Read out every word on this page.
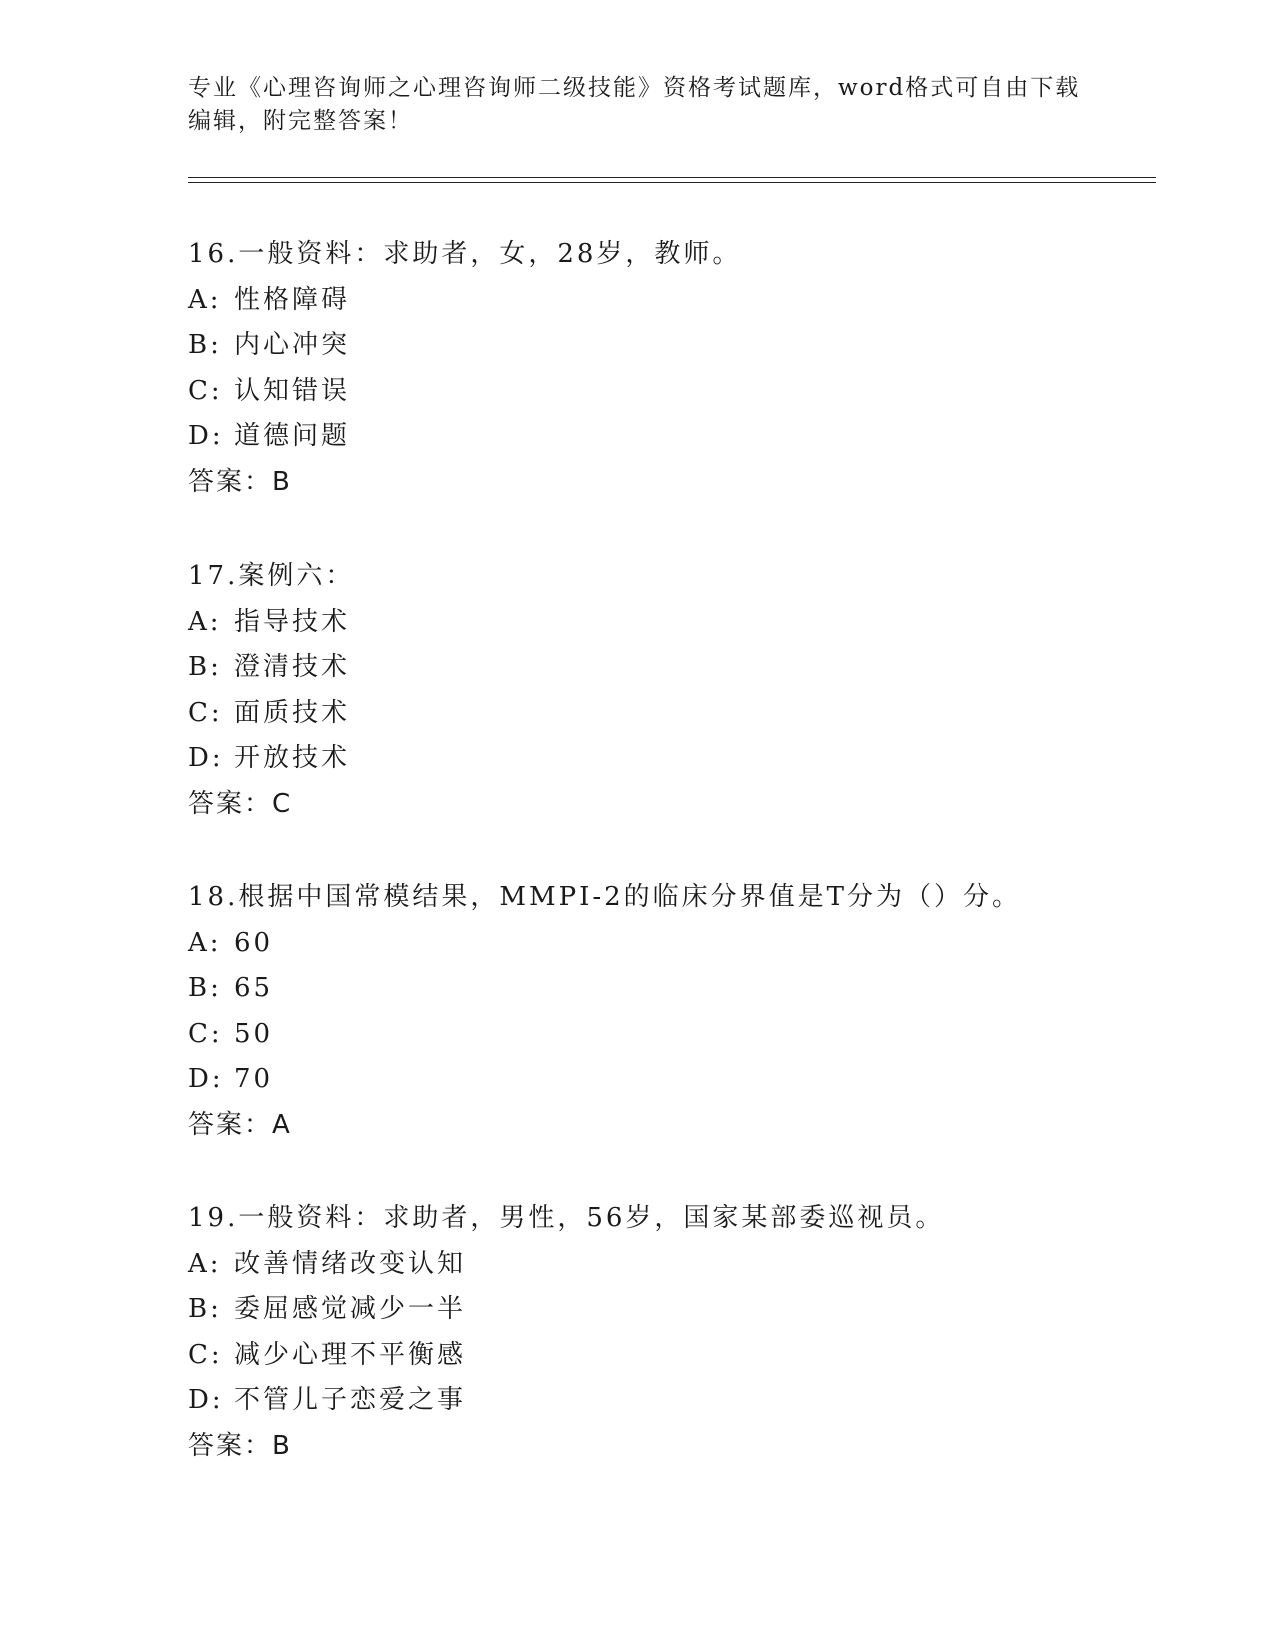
专业《心理咨询师之心理咨询师二级技能》资格考试题库，word格式可自由下载
编辑，附完整答案！
16.一般资料：求助者，女，28岁，教师。
A: 性格障碍
B: 内心冲突
C: 认知错误
D: 道德问题
答案：B
17.案例六：
A: 指导技术
B: 澄清技术
C: 面质技术
D: 开放技术
答案：C
18.根据中国常模结果，MMPI-2的临床分界值是T分为（）分。
A: 60
B: 65
C: 50
D: 70
答案：A
19.一般资料：求助者，男性，56岁，国家某部委巡视员。
A: 改善情绪改变认知
B: 委屈感觉减少一半
C: 减少心理不平衡感
D: 不管儿子恋爱之事
答案：B
